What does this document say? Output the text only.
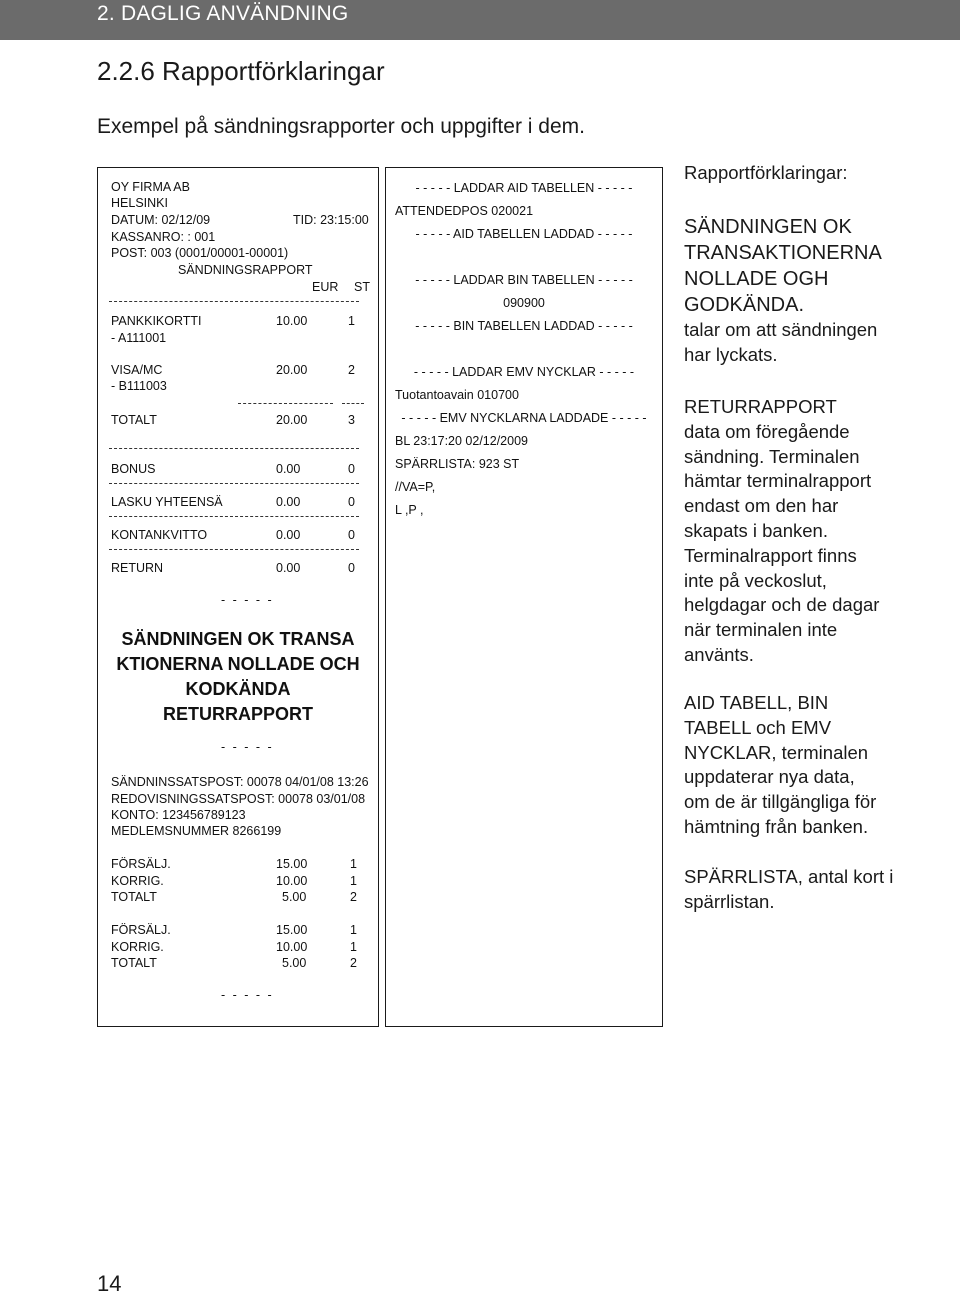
2. DAGLIG ANVÄNDNING
2.2.6 Rapportförklaringar
Exempel på sändningsrapporter och uppgifter i dem.
OY FIRMA AB
HELSINKI
DATUM: 02/12/09	TID: 23:15:00
KASSANRO: : 001
POST: 003 (0001/00001-00001)
SÄNDNINGSRAPPORT
EUR ST
PANKKIKORTTI	10.00	1
- A111001
VISA/MC	20.00	2
- B111003
TOTALT	20.00	3
BONUS	0.00	0
LASKU YHTEENSÄ	0.00	0
KONTANKVITTO	0.00	0
RETURN	0.00	0
- - - - -
SÄNDNINGEN OK TRANSA
KTIONERNA NOLLADE OCH
KODKÄNDA
RETURRAPPORT
- - - - -
SÄNDNINSSATSPOST: 00078 04/01/08 13:26
REDOVISNINGSSATSPOST: 00078 03/01/08
KONTO: 123456789123
MEDLEMSNUMMER 8266199
FÖRSÄLJ.	15.00	1
KORRIG.	10.00	1
TOTALT	5.00	2
FÖRSÄLJ.	15.00	1
KORRIG.	10.00	1
TOTALT	5.00	2
- - - - -
- - - - - LADDAR AID TABELLEN - - - - -
ATTENDEDPOS 020021
- - - - - AID TABELLEN LADDAD - - - - -
- - - - - LADDAR BIN TABELLEN - - - - -
090900
- - - - - BIN TABELLEN LADDAD - - - - -
- - - - - LADDAR EMV NYCKLAR - - - - -
Tuotantoavain 010700
- - - - - EMV NYCKLARNA LADDADE - - - - -
BL 23:17:20 02/12/2009
SPÄRRLISTA: 923 ST
//VA=P,
L ,P ,
Rapportförklaringar:
SÄNDNINGEN OK
TRANSAKTIONERNA
NOLLADE OGH
GODKÄNDA.
talar om att sändningen
har lyckats.
RETURRAPPORT
data om föregående
sändning. Terminalen
hämtar terminalrapport
endast om den har
skapats i banken.
Terminalrapport finns
inte på veckoslut,
helgdagar och de dagar
när terminalen inte
använts.
AID TABELL, BIN
TABELL och EMV
NYCKLAR, terminalen
uppdaterar nya data,
om de är tillgängliga för
hämtning från banken.
SPÄRRLISTA, antal kort i
spärrlistan.
14
